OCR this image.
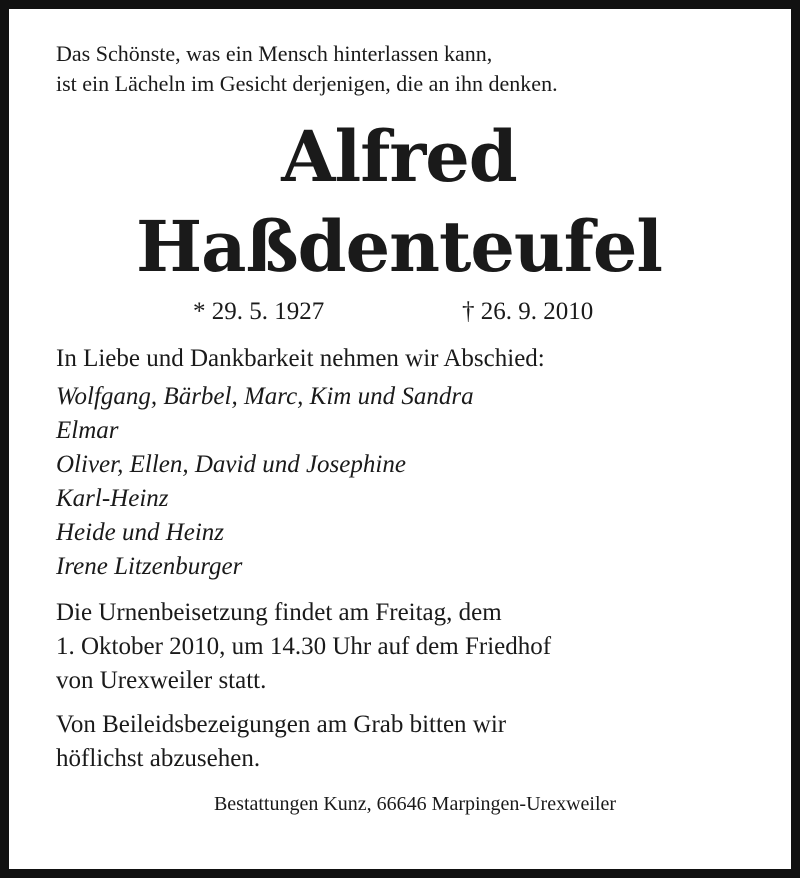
Das Schönste, was ein Mensch hinterlassen kann,
ist ein Lächeln im Gesicht derjenigen, die an ihn denken.

Alfred
Haßdenteufel
* 29. 5. 1927	† 26. 9. 2010

In Liebe und Dankbarkeit nehmen wir Abschied:

Wolfgang, Bärbel, Marc, Kim und Sandra
Elmar
Oliver, Ellen, David und Josephine
Karl-Heinz
Heide und Heinz
Irene Litzenburger

Die Urnenbeisetzung findet am Freitag, dem
1. Oktober 2010, um 14.30 Uhr auf dem Friedhof
von Urexweiler statt.

Von Beileidsbezeigungen am Grab bitten wir
höflichst abzusehen.

Bestattungen Kunz, 66646 Marpingen-Urexweiler
